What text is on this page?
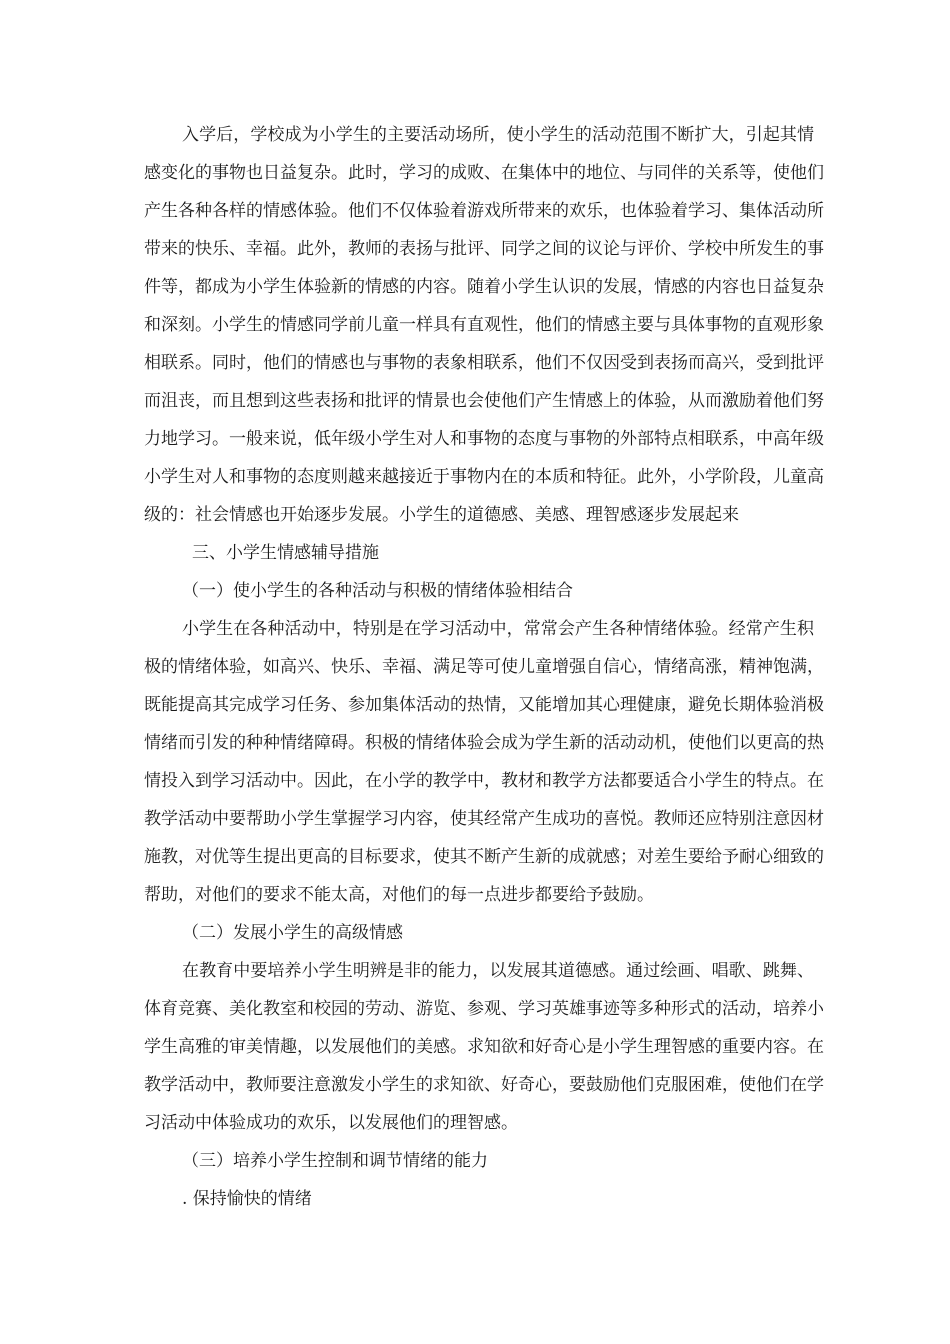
入学后，学校成为小学生的主要活动场所，使小学生的活动范围不断扩大，引起其情
感变化的事物也日益复杂。此时，学习的成败、在集体中的地位、与同伴的关系等，使他们
产生各种各样的情感体验。他们不仅体验着游戏所带来的欢乐，也体验着学习、集体活动所
带来的快乐、幸福。此外，教师的表扬与批评、同学之间的议论与评价、学校中所发生的事
件等，都成为小学生体验新的情感的内容。随着小学生认识的发展，情感的内容也日益复杂
和深刻。小学生的情感同学前儿童一样具有直观性，他们的情感主要与具体事物的直观形象
相联系。同时，他们的情感也与事物的表象相联系，他们不仅因受到表扬而高兴，受到批评
而沮丧，而且想到这些表扬和批评的情景也会使他们产生情感上的体验，从而激励着他们努
力地学习。一般来说，低年级小学生对人和事物的态度与事物的外部特点相联系，中高年级
小学生对人和事物的态度则越来越接近于事物内在的本质和特征。此外，小学阶段，儿童高
级的：社会情感也开始逐步发展。小学生的道德感、美感、理智感逐步发展起来
三、小学生情感辅导措施
（一）使小学生的各种活动与积极的情绪体验相结合
小学生在各种活动中，特别是在学习活动中，常常会产生各种情绪体验。经常产生积
极的情绪体验，如高兴、快乐、幸福、满足等可使儿童增强自信心，情绪高涨，精神饱满，
既能提高其完成学习任务、参加集体活动的热情，又能增加其心理健康，避免长期体验消极
情绪而引发的种种情绪障碍。积极的情绪体验会成为学生新的活动动机，使他们以更高的热
情投入到学习活动中。因此，在小学的教学中，教材和教学方法都要适合小学生的特点。在
教学活动中要帮助小学生掌握学习内容，使其经常产生成功的喜悦。教师还应特别注意因材
施教，对优等生提出更高的目标要求，使其不断产生新的成就感；对差生要给予耐心细致的
帮助，对他们的要求不能太高，对他们的每一点进步都要给予鼓励。
（二）发展小学生的高级情感
在教育中要培养小学生明辨是非的能力，以发展其道德感。通过绘画、唱歌、跳舞、
体育竞赛、美化教室和校园的劳动、游览、参观、学习英雄事迹等多种形式的活动，培养小
学生高雅的审美情趣，以发展他们的美感。求知欲和好奇心是小学生理智感的重要内容。在
教学活动中，教师要注意激发小学生的求知欲、好奇心，要鼓励他们克服困难，使他们在学
习活动中体验成功的欢乐，以发展他们的理智感。
（三）培养小学生控制和调节情绪的能力
. 保持愉快的情绪
